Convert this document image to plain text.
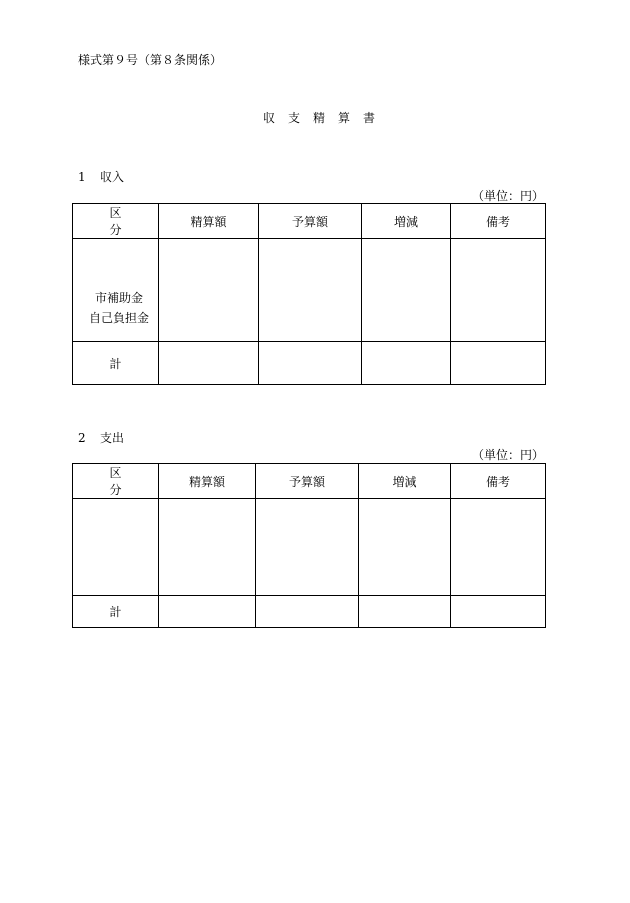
様式第９号（第８条関係）
収支精算書
1 収入
（単位：円）
区　分	精算額	予算額	増減	備考

市補助金
自己負担金				

計				
2 支出
（単位：円）
区　分	精算額	予算額	増減	備考

計				
